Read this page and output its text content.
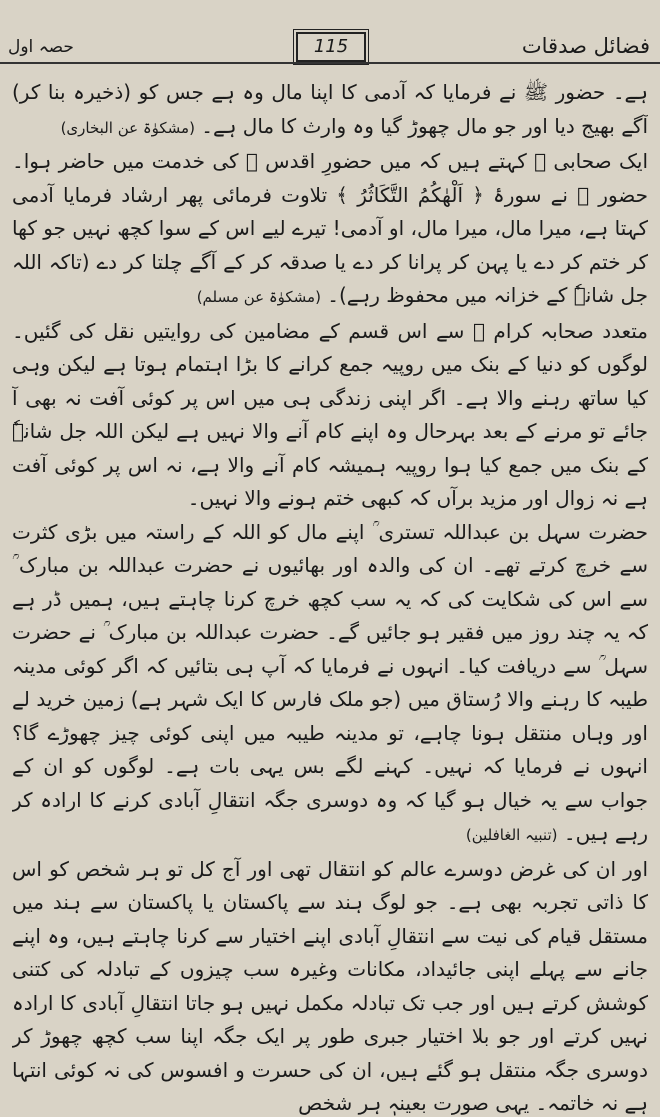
فضائل صدقات
115
حصہ اول

ہے۔ حضور ﷺ نے فرمایا کہ آدمی کا اپنا مال وہ ہے جس کو (ذخیرہ بنا کر) آگے بھیج دیا اور جو مال چھوڑ گیا وہ وارث کا مال ہے۔ (مشکوٰۃ عن البخاری)

ایک صحابی ؓ کہتے ہیں کہ میں حضورِ اقدس ﷺ کی خدمت میں حاضر ہوا۔ حضور ﷺ نے سورۂ ﴿ اَلْهٰكُمُ التَّكَاثُرُ ﴾ تلاوت فرمائی پھر ارشاد فرمایا آدمی کہتا ہے، میرا مال، میرا مال، او آدمی! تیرے لیے اس کے سوا کچھ نہیں جو کھا کر ختم کر دے یا پہن کر پرانا کر دے یا صدقہ کر کے آگے چلتا کر دے (تاکہ اللہ جل شانہٗ کے خزانہ میں محفوظ رہے)۔ (مشکوٰۃ عن مسلم)

متعدد صحابہ کرام ؓ سے اس قسم کے مضامین کی روایتیں نقل کی گئیں۔ لوگوں کو دنیا کے بنک میں روپیہ جمع کرانے کا بڑا اہتمام ہوتا ہے لیکن وہی کیا ساتھ رہنے والا ہے۔ اگر اپنی زندگی ہی میں اس پر کوئی آفت نہ بھی آ جائے تو مرنے کے بعد بہرحال وہ اپنے کام آنے والا نہیں ہے لیکن اللہ جل شانہٗ کے بنک میں جمع کیا ہوا روپیہ ہمیشہ کام آنے والا ہے، نہ اس پر کوئی آفت ہے نہ زوال اور مزید برآں کہ کبھی ختم ہونے والا نہیں۔

حضرت سہل بن عبداللہ تستری ؒ اپنے مال کو اللہ کے راستہ میں بڑی کثرت سے خرچ کرتے تھے۔ ان کی والدہ اور بھائیوں نے حضرت عبداللہ بن مبارک ؒ سے اس کی شکایت کی کہ یہ سب کچھ خرچ کرنا چاہتے ہیں، ہمیں ڈر ہے کہ یہ چند روز میں فقیر ہو جائیں گے۔ حضرت عبداللہ بن مبارک ؒ نے حضرت سہل ؒ سے دریافت کیا۔ انہوں نے فرمایا کہ آپ ہی بتائیں کہ اگر کوئی مدینہ طیبہ کا رہنے والا رُستاق میں (جو ملک فارس کا ایک شہر ہے) زمین خرید لے اور وہاں منتقل ہونا چاہے، تو مدینہ طیبہ میں اپنی کوئی چیز چھوڑے گا؟ انہوں نے فرمایا کہ نہیں۔ کہنے لگے بس یہی بات ہے۔ لوگوں کو ان کے جواب سے یہ خیال ہو گیا کہ وہ دوسری جگہ انتقالِ آبادی کرنے کا ارادہ کر رہے ہیں۔ (تنبیہ الغافلین)

اور ان کی غرض دوسرے عالم کو انتقال تھی اور آج کل تو ہر شخص کو اس کا ذاتی تجربہ بھی ہے۔ جو لوگ ہند سے پاکستان یا پاکستان سے ہند میں مستقل قیام کی نیت سے انتقالِ آبادی اپنے اختیار سے کرنا چاہتے ہیں، وہ اپنے جانے سے پہلے اپنی جائیداد، مکانات وغیرہ سب چیزوں کے تبادلہ کی کتنی کوشش کرتے ہیں اور جب تک تبادلہ مکمل نہیں ہو جاتا انتقالِ آبادی کا ارادہ نہیں کرتے اور جو بلا اختیار جبری طور پر ایک جگہ اپنا سب کچھ چھوڑ کر دوسری جگہ منتقل ہو گئے ہیں، ان کی حسرت و افسوس کی نہ کوئی انتہا ہے نہ خاتمہ۔ یہی صورت بعینہٖ ہر شخص
